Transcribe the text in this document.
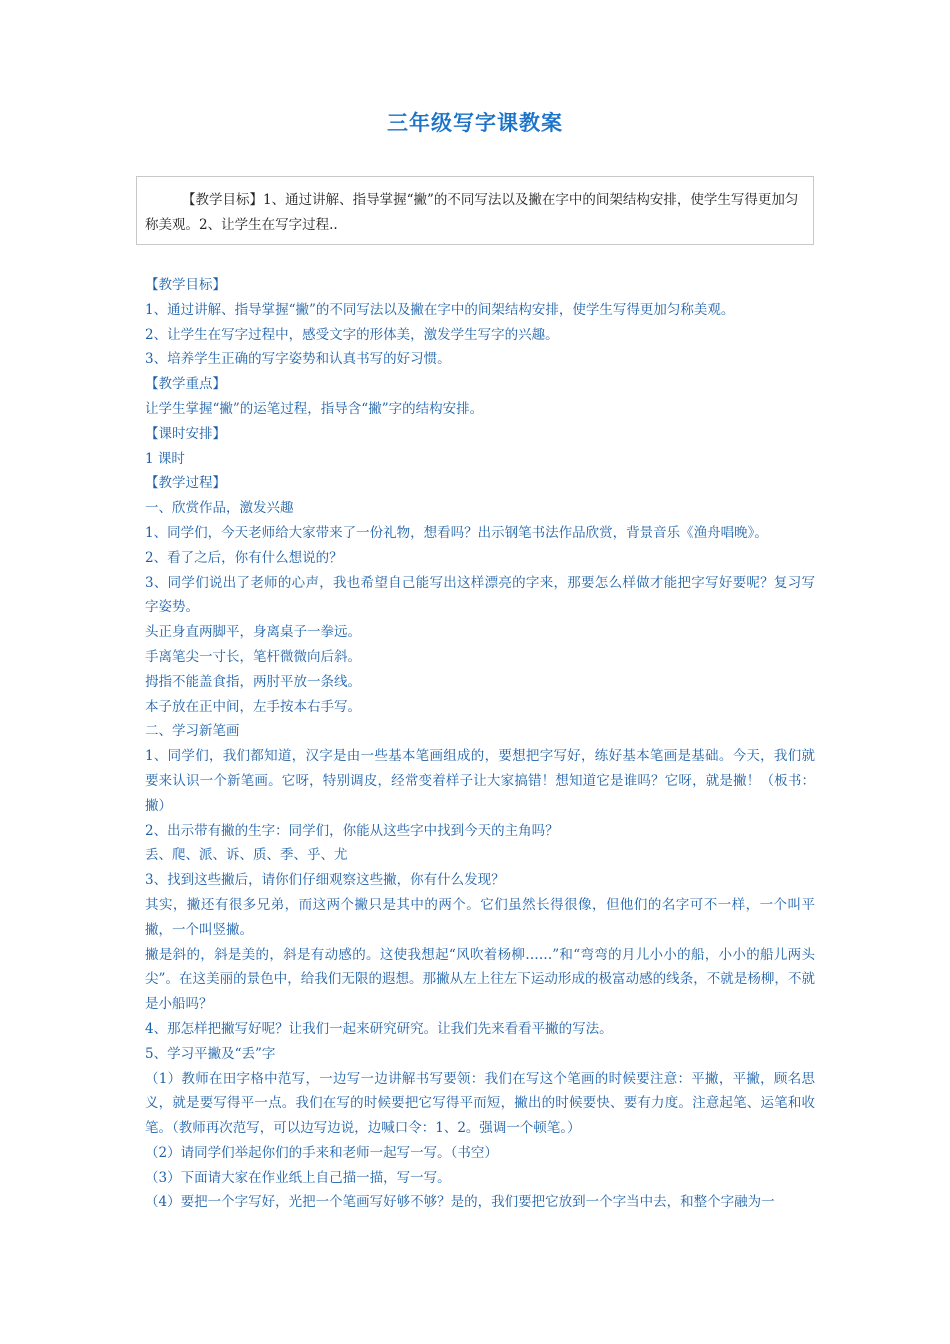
三年级写字课教案
【教学目标】1、通过讲解、指导掌握“撇”的不同写法以及撇在字中的间架结构安排，使学生写得更加匀称美观。2、让学生在写字过程..

【教学目标】

1、通过讲解、指导掌握“撇”的不同写法以及撇在字中的间架结构安排，使学生写得更加匀称美观。

2、让学生在写字过程中，感受文字的形体美，激发学生写字的兴趣。

3、培养学生正确的写字姿势和认真书写的好习惯。

【教学重点】

让学生掌握“撇”的运笔过程，指导含“撇”字的结构安排。

【课时安排】

1 课时

【教学过程】

一、欣赏作品，激发兴趣

1、同学们，今天老师给大家带来了一份礼物，想看吗？出示钢笔书法作品欣赏，背景音乐《渔舟唱晚》。

2、看了之后，你有什么想说的？

3、同学们说出了老师的心声，我也希望自己能写出这样漂亮的字来，那要怎么样做才能把字写好要呢？复习写字姿势。

头正身直两脚平，身离桌子一拳远。

手离笔尖一寸长，笔杆微微向后斜。

拇指不能盖食指，两肘平放一条线。

本子放在正中间，左手按本右手写。

二、学习新笔画

1、同学们，我们都知道，汉字是由一些基本笔画组成的，要想把字写好，练好基本笔画是基础。今天，我们就要来认识一个新笔画。它呀，特别调皮，经常变着样子让大家搞错！想知道它是谁吗？它呀，就是撇！（板书：撇）

2、出示带有撇的生字：同学们，你能从这些字中找到今天的主角吗？

丢、爬、派、诉、质、季、乎、尤

3、找到这些撇后，请你们仔细观察这些撇，你有什么发现？

其实，撇还有很多兄弟，而这两个撇只是其中的两个。它们虽然长得很像，但他们的名字可不一样，一个叫平撇，一个叫竖撇。

撇是斜的，斜是美的，斜是有动感的。这使我想起“风吹着杨柳……”和“弯弯的月儿小小的船，小小的船儿两头尖”。在这美丽的景色中，给我们无限的遐想。那撇从左上往左下运动形成的极富动感的线条，不就是杨柳，不就是小船吗？

4、那怎样把撇写好呢？让我们一起来研究研究。让我们先来看看平撇的写法。

5、学习平撇及“丢”字

（1）教师在田字格中范写，一边写一边讲解书写要领：我们在写这个笔画的时候要注意：平撇，平撇，顾名思义，就是要写得平一点。我们在写的时候要把它写得平而短，撇出的时候要快、要有力度。注意起笔、运笔和收笔。（教师再次范写，可以边写边说，边喊口令：1、2。强调一个顿笔。）

（2）请同学们举起你们的手来和老师一起写一写。（书空）

（3）下面请大家在作业纸上自己描一描，写一写。

（4）要把一个字写好，光把一个笔画写好够不够？是的，我们要把它放到一个字当中去，和整个字融为一
